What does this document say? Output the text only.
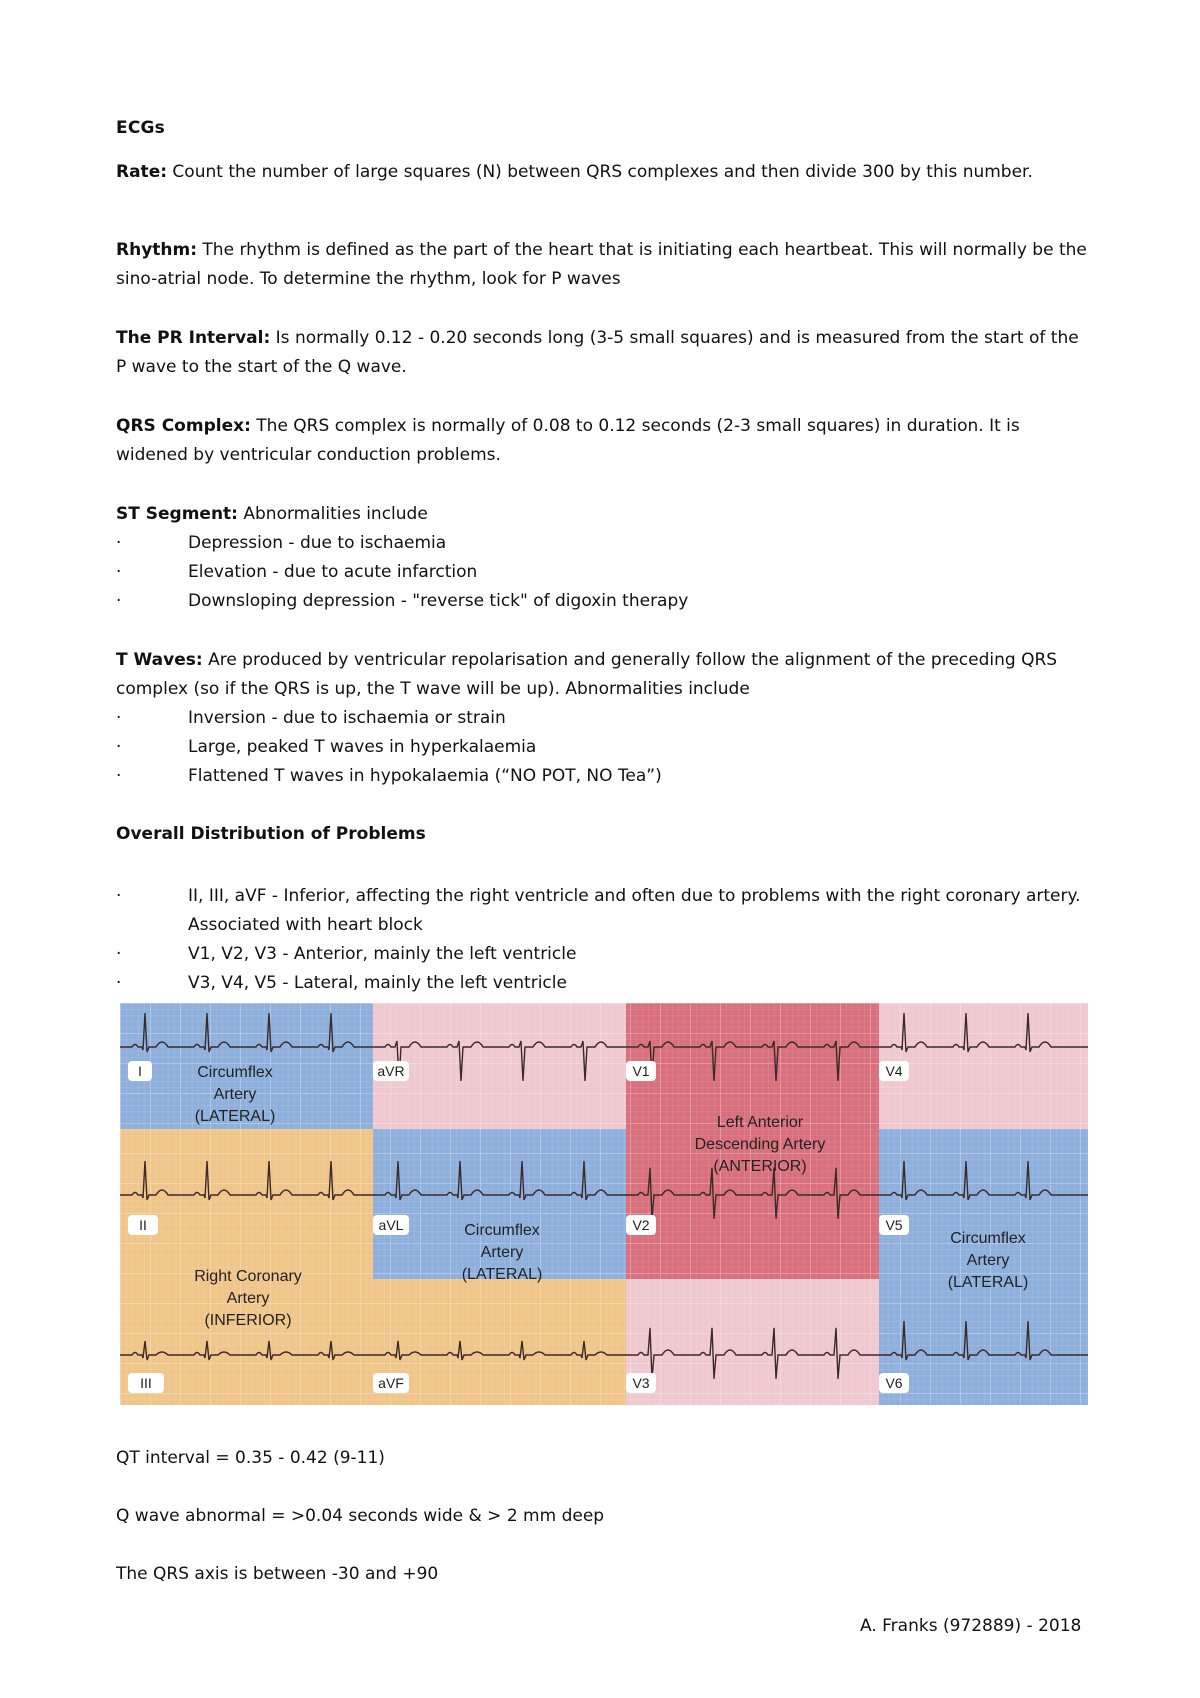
ECGs
Rate: Count the number of large squares (N) between QRS complexes and then divide 300 by this number.
Rhythm: The rhythm is defined as the part of the heart that is initiating each heartbeat. This will normally be the sino-atrial node. To determine the rhythm, look for P waves
The PR Interval: Is normally 0.12 - 0.20 seconds long (3-5 small squares) and is measured from the start of the P wave to the start of the Q wave.
QRS Complex: The QRS complex is normally of 0.08 to 0.12 seconds (2-3 small squares) in duration. It is widened by ventricular conduction problems.
ST Segment: Abnormalities include
·	Depression - due to ischaemia
·	Elevation - due to acute infarction
·	Downsloping depression - "reverse tick" of digoxin therapy
T Waves: Are produced by ventricular repolarisation and generally follow the alignment of the preceding QRS complex (so if the QRS is up, the T wave will be up). Abnormalities include
·	Inversion - due to ischaemia or strain
·	Large, peaked T waves in hyperkalaemia
·	Flattened T waves in hypokalaemia (“NO POT, NO Tea”)
Overall Distribution of Problems
·	II, III, aVF - Inferior, affecting the right ventricle and often due to problems with the right coronary artery. Associated with heart block
·	V1, V2, V3 - Anterior, mainly the left ventricle
·	V3, V4, V5 - Lateral, mainly the left ventricle
I	aVR	V1	V4
II	aVL	V2	V5
III	aVF	V3	V6
Circumflex
Artery
(LATERAL)	Left Anterior
Descending Artery
(ANTERIOR)
Circumflex
Artery
(LATERAL)
Circumflex
Artery
(LATERAL)
Right Coronary
Artery
(INFERIOR)
QT interval = 0.35 - 0.42 (9-11)
Q wave abnormal = >0.04 seconds wide & > 2 mm deep
The QRS axis is between -30 and +90
A. Franks (972889) - 2018
